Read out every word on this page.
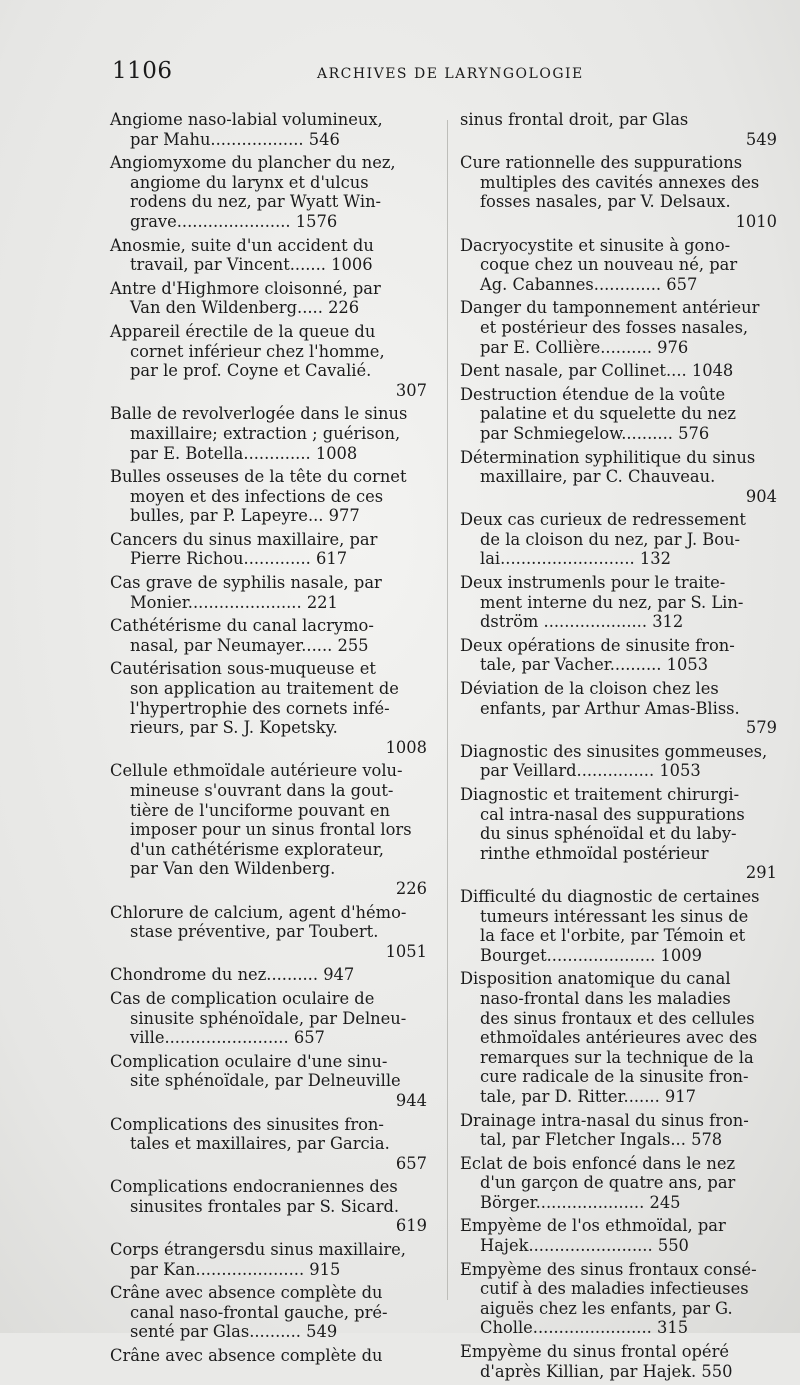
1106	ARCHIVES DE LARYNGOLOGIE
Angiome naso-labial volumineux,
par Mahu.................. 546
Angiomyxome du plancher du nez,
angiome du larynx et d'ulcus
rodens du nez, par Wyatt Win-
grave...................... 1576
Anosmie, suite d'un accident du
travail, par Vincent....... 1006
Antre d'Highmore cloisonné, par
Van den Wildenberg..... 226
Appareil érectile de la queue du
cornet inférieur chez l'homme,
par le prof. Coyne et Cavalié.
307
Balle de revolverlogée dans le sinus
maxillaire; extraction ; guérison,
par E. Botella............. 1008
Bulles osseuses de la tête du cornet
moyen et des infections de ces
bulles, par P. Lapeyre... 977
Cancers du sinus maxillaire, par
Pierre Richou............. 617
Cas grave de syphilis nasale, par
Monier...................... 221
Cathétérisme du canal lacrymo-
nasal, par Neumayer...... 255
Cautérisation sous-muqueuse et
son application au traitement de
l'hypertrophie des cornets infé-
rieurs, par S. J. Kopetsky.
1008
Cellule ethmoïdale autérieure volu-
mineuse s'ouvrant dans la gout-
tière de l'unciforme pouvant en
imposer pour un sinus frontal lors
d'un cathétérisme explorateur,
par Van den Wildenberg.
226
Chlorure de calcium, agent d'hémo-
stase préventive, par Toubert.
1051
Chondrome du nez.......... 947
Cas de complication oculaire de
sinusite sphénoïdale, par Delneu-
ville........................ 657
Complication oculaire d'une sinu-
site sphénoïdale, par Delneuville
944
Complications des sinusites fron-
tales et maxillaires, par Garcia.
657
Complications endocraniennes des
sinusites frontales par S. Sicard.
619
Corps étrangersdu sinus maxillaire,
par Kan..................... 915
Crâne avec absence complète du
canal naso-frontal gauche, pré-
senté par Glas.......... 549
Crâne avec absence complète du
sinus frontal droit, par Glas
549
Cure rationnelle des suppurations
multiples des cavités annexes des
fosses nasales, par V. Delsaux.
1010
Dacryocystite et sinusite à gono-
coque chez un nouveau né, par
Ag. Cabannes............. 657
Danger du tamponnement antérieur
et postérieur des fosses nasales,
par E. Collière.......... 976
Dent nasale, par Collinet.... 1048
Destruction étendue de la voûte
palatine et du squelette du nez
par Schmiegelow.......... 576
Détermination syphilitique du sinus
maxillaire, par C. Chauveau.
904
Deux cas curieux de redressement
de la cloison du nez, par J. Bou-
lai.......................... 132
Deux instrumenls pour le traite-
ment interne du nez, par S. Lin-
dström .................... 312
Deux opérations de sinusite fron-
tale, par Vacher.......... 1053
Déviation de la cloison chez les
enfants, par Arthur Amas-Bliss.
579
Diagnostic des sinusites gommeuses,
par Veillard............... 1053
Diagnostic et traitement chirurgi-
cal intra-nasal des suppurations
du sinus sphénoïdal et du laby-
rinthe ethmoïdal postérieur
291
Difficulté du diagnostic de certaines
tumeurs intéressant les sinus de
la face et l'orbite, par Témoin et
Bourget..................... 1009
Disposition anatomique du canal
naso-frontal dans les maladies
des sinus frontaux et des cellules
ethmoïdales antérieures avec des
remarques sur la technique de la
cure radicale de la sinusite fron-
tale, par D. Ritter....... 917
Drainage intra-nasal du sinus fron-
tal, par Fletcher Ingals... 578
Eclat de bois enfoncé dans le nez
d'un garçon de quatre ans, par
Börger..................... 245
Empyème de l'os ethmoïdal, par
Hajek........................ 550
Empyème des sinus frontaux consé-
cutif à des maladies infectieuses
aiguës chez les enfants, par G.
Cholle....................... 315
Empyème du sinus frontal opéré
d'après Killian, par Hajek. 550
